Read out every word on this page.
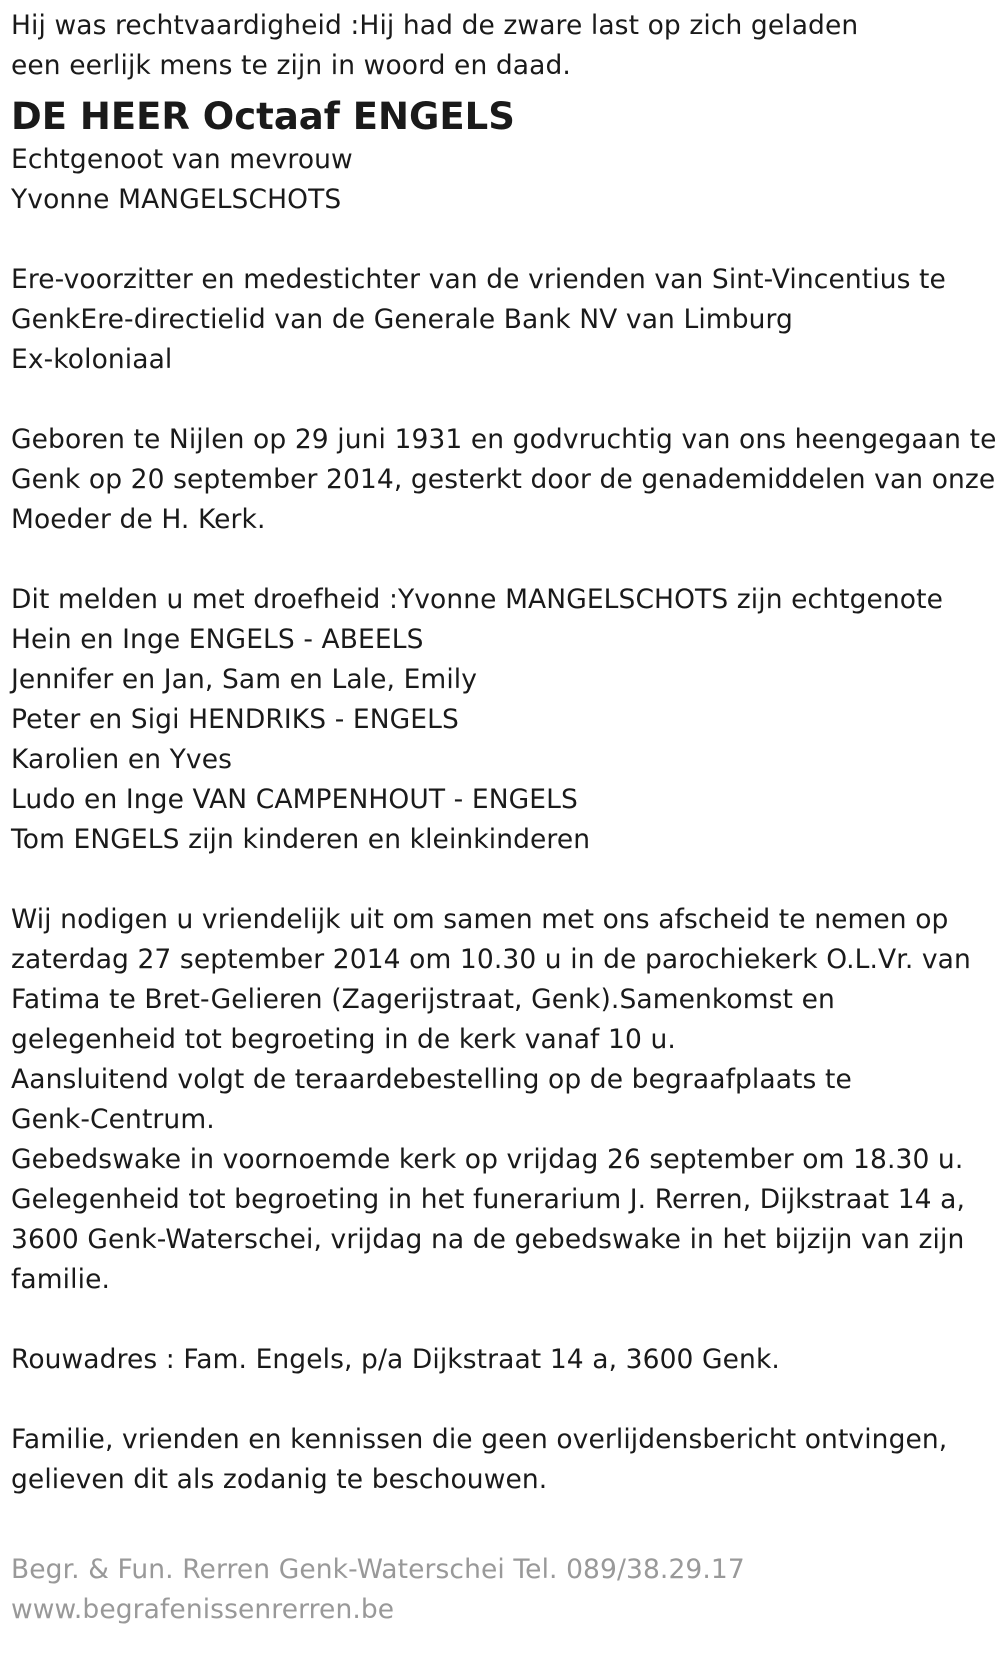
Hij was rechtvaardigheid :Hij had de zware last op zich geladen
een eerlijk mens te zijn in woord en daad.
DE HEER Octaaf ENGELS
Echtgenoot van mevrouw
Yvonne MANGELSCHOTS
Ere-voorzitter en medestichter van de vrienden van Sint-Vincentius te
GenkEre-directielid van de Generale Bank NV van Limburg
Ex-koloniaal
Geboren te Nijlen op 29 juni 1931 en godvruchtig van ons heengegaan te
Genk op 20 september 2014, gesterkt door de genademiddelen van onze
Moeder de H. Kerk.
Dit melden u met droefheid :Yvonne MANGELSCHOTS zijn echtgenote
Hein en Inge ENGELS - ABEELS
Jennifer en Jan, Sam en Lale, Emily
Peter en Sigi HENDRIKS - ENGELS
Karolien en Yves
Ludo en Inge VAN CAMPENHOUT - ENGELS
Tom ENGELS zijn kinderen en kleinkinderen
Wij nodigen u vriendelijk uit om samen met ons afscheid te nemen op
zaterdag 27 september 2014 om 10.30 u in de parochiekerk O.L.Vr. van
Fatima te Bret-Gelieren (Zagerijstraat, Genk).Samenkomst en
gelegenheid tot begroeting in de kerk vanaf 10 u.
Aansluitend volgt de teraardebestelling op de begraafplaats te
Genk-Centrum.
Gebedswake in voornoemde kerk op vrijdag 26 september om 18.30 u.
Gelegenheid tot begroeting in het funerarium J. Rerren, Dijkstraat 14 a,
3600 Genk-Waterschei, vrijdag na de gebedswake in het bijzijn van zijn
familie.
Rouwadres : Fam. Engels, p/a Dijkstraat 14 a, 3600 Genk.
Familie, vrienden en kennissen die geen overlijdensbericht ontvingen,
gelieven dit als zodanig te beschouwen.
Begr. & Fun. Rerren Genk-Waterschei Tel. 089/38.29.17
www.begrafenissenrerren.be
